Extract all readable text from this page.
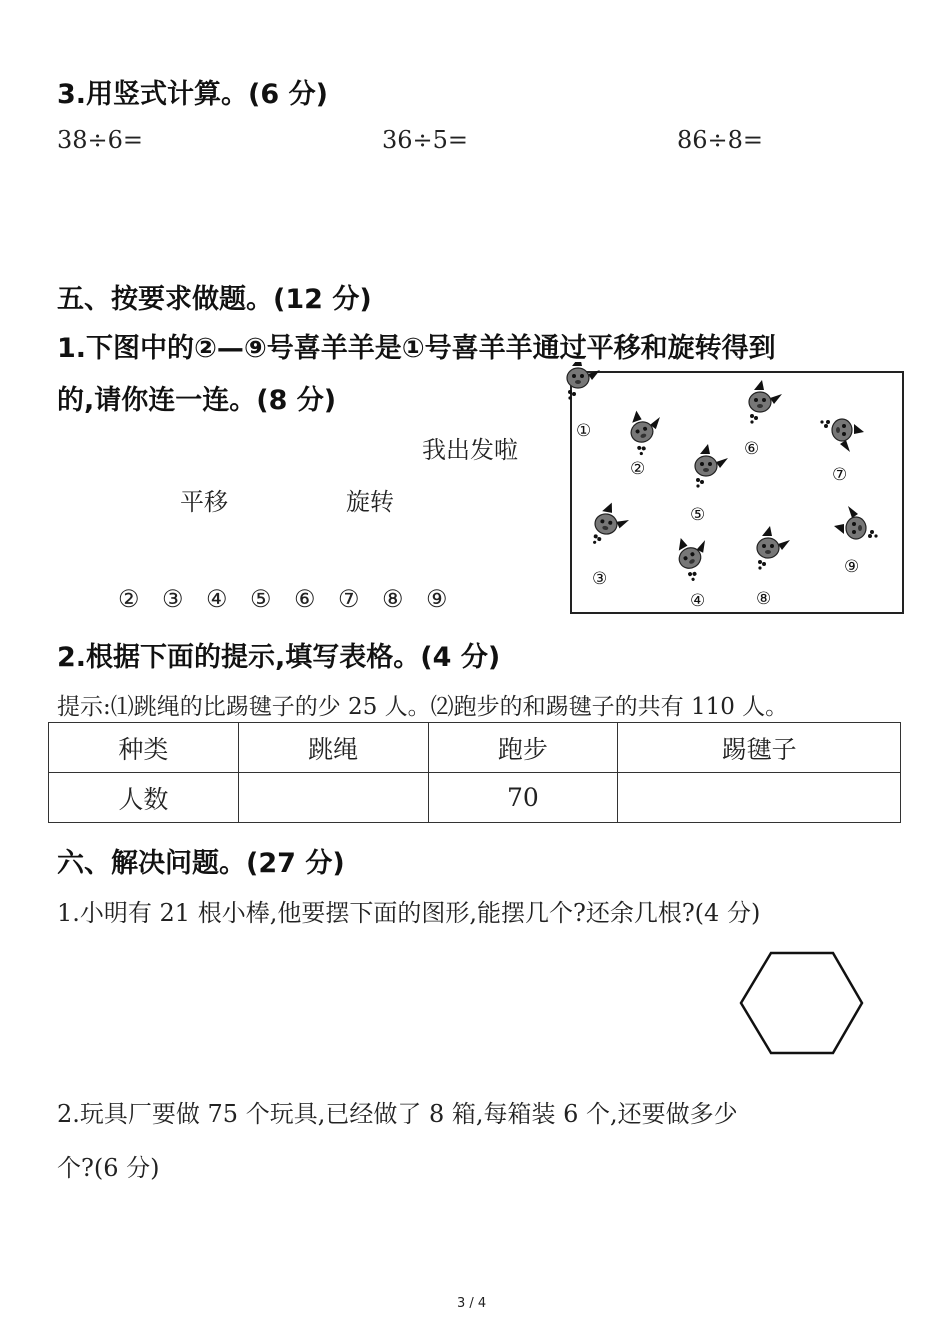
3.用竖式计算。(6 分)
38÷6=	36÷5=	86÷8=
五、按要求做题。(12 分)
1.下图中的②—⑨号喜羊羊是①号喜羊羊通过平移和旋转得到
的,请你连一连。(8 分)
我出发啦
平移	旋转
② ③ ④ ⑤ ⑥ ⑦ ⑧ ⑨
①
②
③
④
⑤
⑥
⑦
⑧
⑨
2.根据下面的提示,填写表格。(4 分)
提示:⑴跳绳的比踢毽子的少 25 人。⑵跑步的和踢毽子的共有 110 人。
种类	跳绳	跑步	踢毽子
人数		70	
六、解决问题。(27 分)
1.小明有 21 根小棒,他要摆下面的图形,能摆几个?还余几根?(4 分)
2.玩具厂要做 75 个玩具,已经做了 8 箱,每箱装 6 个,还要做多少
个?(6 分)
3 / 4
